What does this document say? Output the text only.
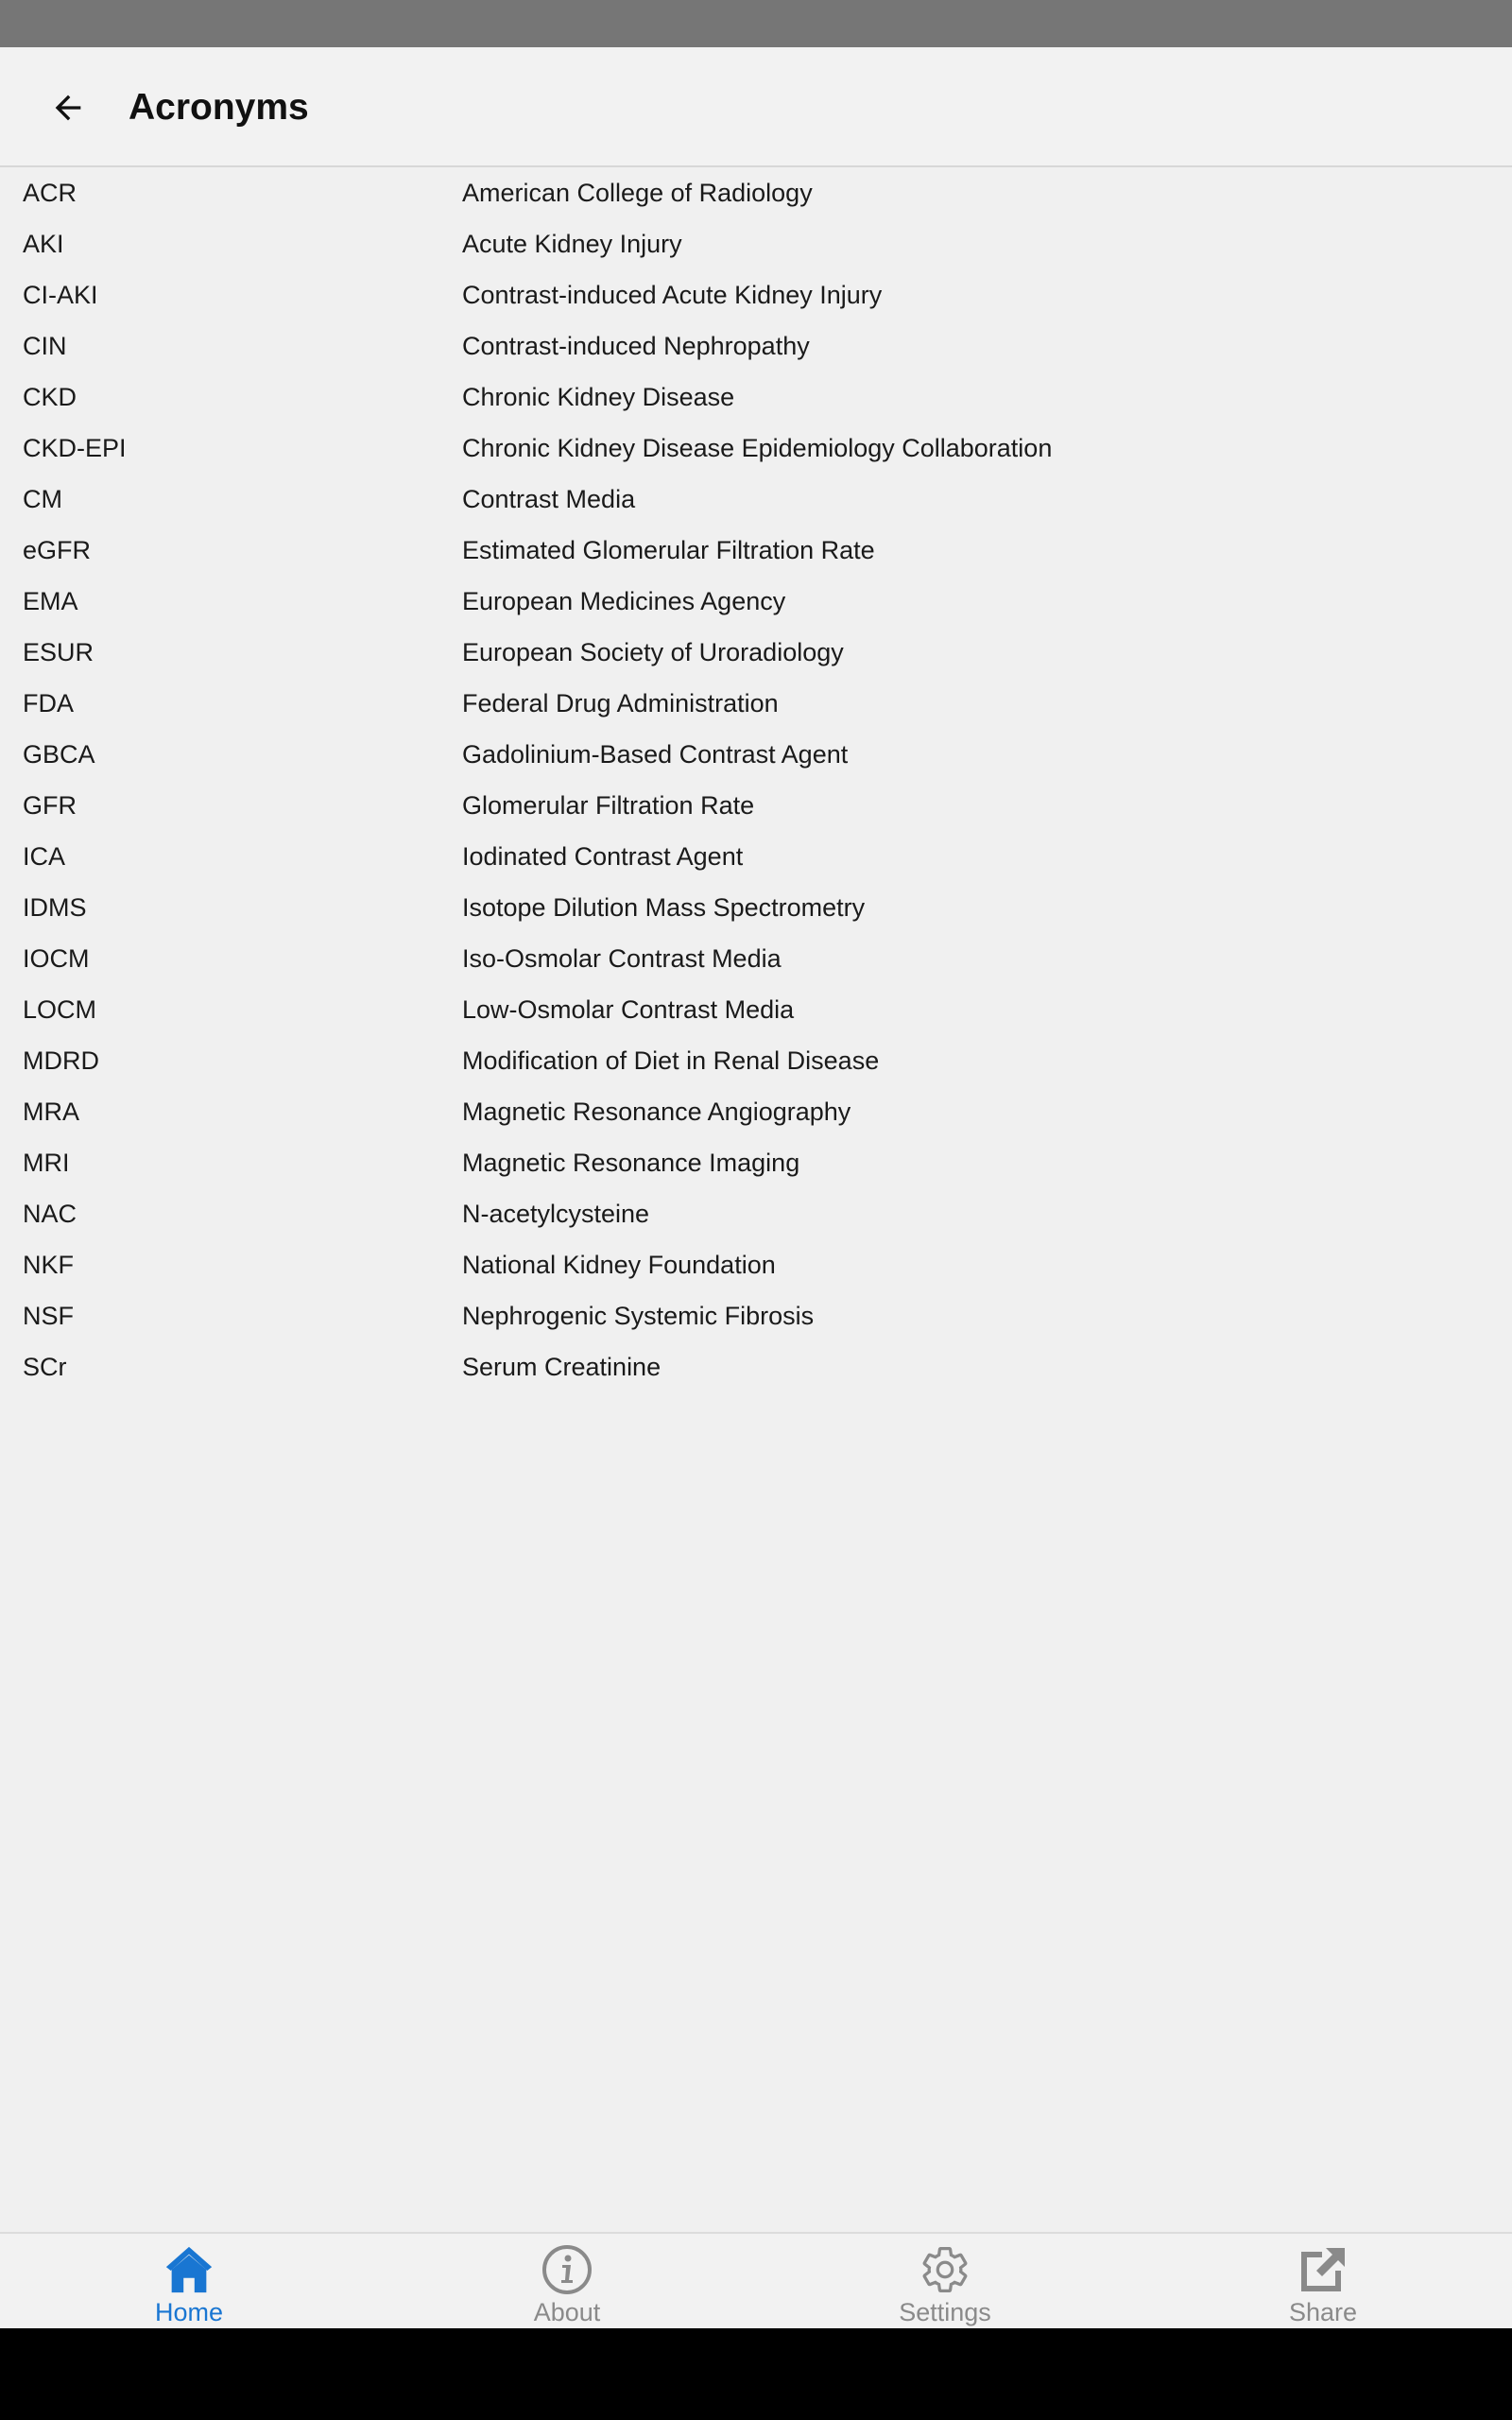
Acronyms
ACR	American College of Radiology
AKI	Acute Kidney Injury
CI-AKI	Contrast-induced Acute Kidney Injury
CIN	Contrast-induced Nephropathy
CKD	Chronic Kidney Disease
CKD-EPI	Chronic Kidney Disease Epidemiology Collaboration
CM	Contrast Media
eGFR	Estimated Glomerular Filtration Rate
EMA	European Medicines Agency
ESUR	European Society of Uroradiology
FDA	Federal Drug Administration
GBCA	Gadolinium-Based Contrast Agent
GFR	Glomerular Filtration Rate
ICA	Iodinated Contrast Agent
IDMS	Isotope Dilution Mass Spectrometry
IOCM	Iso-Osmolar Contrast Media
LOCM	Low-Osmolar Contrast Media
MDRD	Modification of Diet in Renal Disease
MRA	Magnetic Resonance Angiography
MRI	Magnetic Resonance Imaging
NAC	N-acetylcysteine
NKF	National Kidney Foundation
NSF	Nephrogenic Systemic Fibrosis
SCr	Serum Creatinine
Home	About	Settings	Share
